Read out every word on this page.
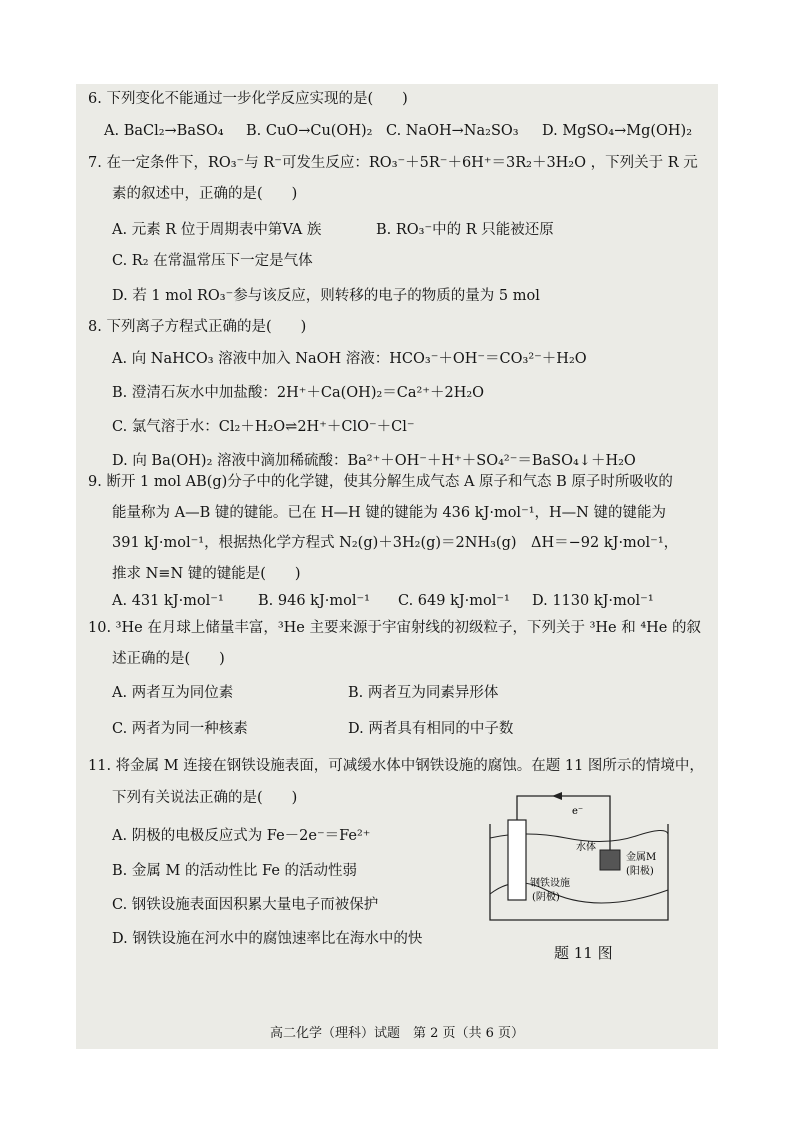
6. 下列变化不能通过一步化学反应实现的是(　　)
A. BaCl₂→BaSO₄ B. CuO→Cu(OH)₂ C. NaOH→Na₂SO₃ D. MgSO₄→Mg(OH)₂
7. 在一定条件下，RO₃⁻与 R⁻可发生反应：RO₃⁻＋5R⁻＋6H⁺＝3R₂＋3H₂O ，下列关于 R 元
素的叙述中，正确的是(　　)
A. 元素 R 位于周期表中第VA 族	B. RO₃⁻中的 R 只能被还原
C. R₂ 在常温常压下一定是气体
D. 若 1 mol RO₃⁻参与该反应，则转移的电子的物质的量为 5 mol
8. 下列离子方程式正确的是(　　)
A. 向 NaHCO₃ 溶液中加入 NaOH 溶液：HCO₃⁻＋OH⁻＝CO₃²⁻＋H₂O
B. 澄清石灰水中加盐酸：2H⁺＋Ca(OH)₂＝Ca²⁺＋2H₂O
C. 氯气溶于水：Cl₂＋H₂O⇌2H⁺＋ClO⁻＋Cl⁻
D. 向 Ba(OH)₂ 溶液中滴加稀硫酸：Ba²⁺＋OH⁻＋H⁺＋SO₄²⁻＝BaSO₄↓＋H₂O
9. 断开 1 mol AB(g)分子中的化学键，使其分解生成气态 A 原子和气态 B 原子时所吸收的
能量称为 A—B 键的键能。已在 H—H 键的键能为 436 kJ·mol⁻¹，H—N 键的键能为
391 kJ·mol⁻¹，根据热化学方程式 N₂(g)＋3H₂(g)＝2NH₃(g)　ΔH＝−92 kJ·mol⁻¹，
推求 N≡N 键的键能是(　　)
A. 431 kJ·mol⁻¹ B. 946 kJ·mol⁻¹ C. 649 kJ·mol⁻¹ D. 1130 kJ·mol⁻¹
10. ³He 在月球上储量丰富，³He 主要来源于宇宙射线的初级粒子，下列关于 ³He 和 ⁴He 的叙
述正确的是(　　)
A. 两者互为同位素	B. 两者互为同素异形体
C. 两者为同一种核素	D. 两者具有相同的中子数
11. 将金属 M 连接在钢铁设施表面，可减缓水体中钢铁设施的腐蚀。在题 11 图所示的情境中，
下列有关说法正确的是(　　)
A. 阴极的电极反应式为 Fe－2e⁻＝Fe²⁺
B. 金属 M 的活动性比 Fe 的活动性弱
C. 钢铁设施表面因积累大量电子而被保护
D. 钢铁设施在河水中的腐蚀速率比在海水中的快
e⁻
水体
钢铁设施
(阴极)
金属M
(阳极)
题 11 图
高二化学（理科）试题　第 2 页（共 6 页）
